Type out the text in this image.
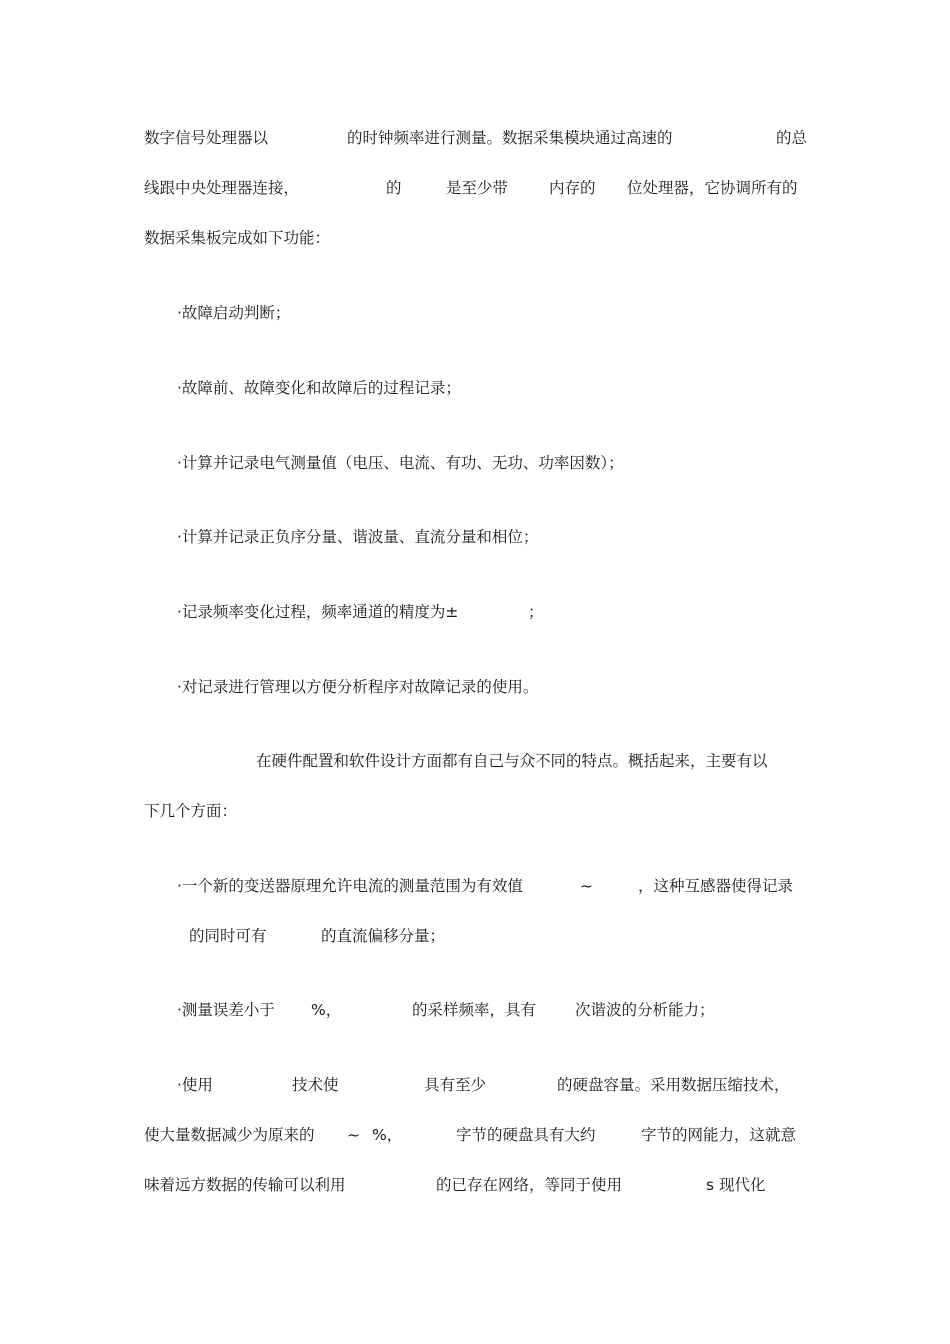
数字信号处理器以	的时钟频率进行测量。数据采集模块通过高速的	的总
线跟中央处理器连接，	的	是至少带	内存的 位处理器，它协调所有的
数据采集板完成如下功能：
·故障启动判断；
·故障前、故障变化和故障后的过程记录；
·计算并记录电气测量值（电压、电流、有功、无功、功率因数）；
·计算并记录正负序分量、谐波量、直流分量和相位；
·记录频率变化过程，频率通道的精度为±	；
·对记录进行管理以方便分析程序对故障记录的使用。
在硬件配置和软件设计方面都有自己与众不同的特点。概括起来，主要有以
下几个方面：
·一个新的变送器原理允许电流的测量范围为有效值	~	，这种互感器使得记录
的同时可有	的直流偏移分量；
·测量误差小于 %，	的采样频率，具有	次谐波的分析能力；
·使用	技术使	具有至少	的硬盘容量。采用数据压缩技术，
使大量数据减少为原来的 ~ %，	字节的硬盘具有大约	字节的网能力，这就意
味着远方数据的传输可以利用	的已存在网络，等同于使用	s 现代化
